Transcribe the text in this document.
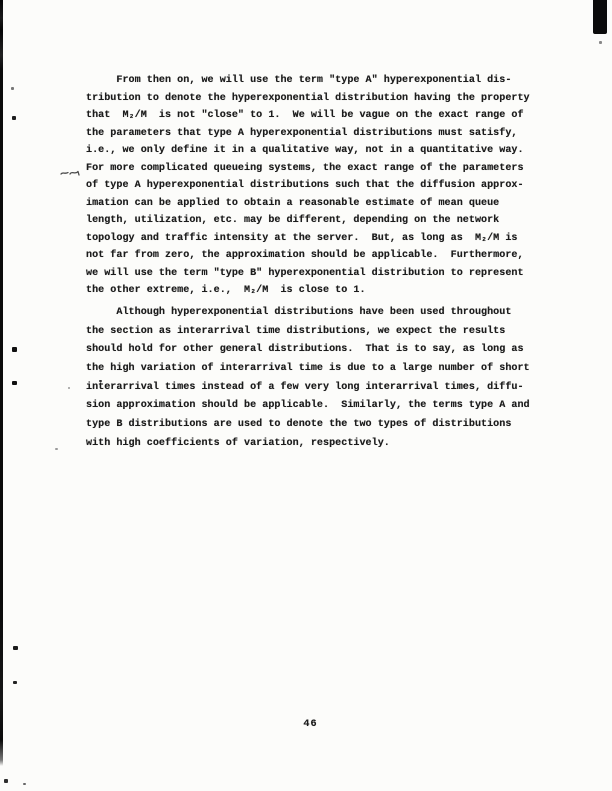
From then on, we will use the term "type A" hyperexponential dis-
tribution to denote the hyperexponential distribution having the property
that  M₂/M  is not "close" to 1.  We will be vague on the exact range of
the parameters that type A hyperexponential distributions must satisfy,
i.e., we only define it in a qualitative way, not in a quantitative way.
For more complicated queueing systems, the exact range of the parameters
of type A hyperexponential distributions such that the diffusion approx-
imation can be applied to obtain a reasonable estimate of mean queue
length, utilization, etc. may be different, depending on the network
topology and traffic intensity at the server.  But, as long as  M₂/M is
not far from zero, the approximation should be applicable.  Furthermore,
we will use the term "type B" hyperexponential distribution to represent
the other extreme, i.e.,  M₂/M  is close to 1.
Although hyperexponential distributions have been used throughout
the section as interarrival time distributions, we expect the results
should hold for other general distributions.  That is to say, as long as
the high variation of interarrival time is due to a large number of short
interarrival times instead of a few very long interarrival times, diffu-
sion approximation should be applicable.  Similarly, the terms type A and
type B distributions are used to denote the two types of distributions
with high coefficients of variation, respectively.
46
